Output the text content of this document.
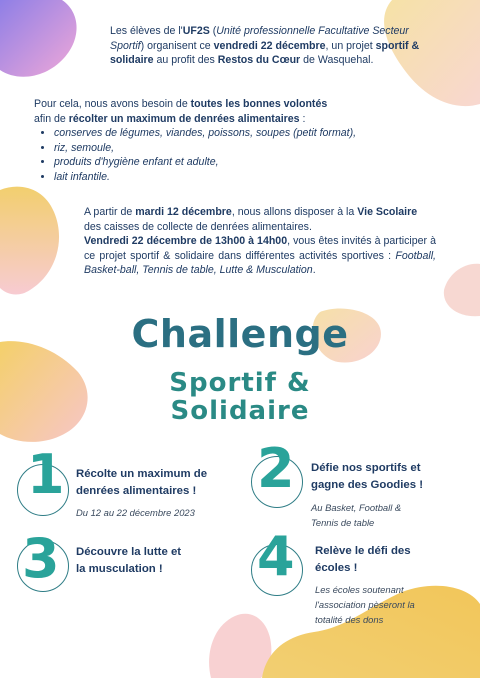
Les élèves de l'UF2S (Unité professionnelle Facultative Secteur Sportif) organisent ce vendredi 22 décembre, un projet sportif & solidaire au profit des Restos du Cœur de Wasquehal.
Pour cela, nous avons besoin de toutes les bonnes volontés
afin de récolter un maximum de denrées alimentaires :
• conserves de légumes, viandes, poissons, soupes (petit format),
• riz, semoule,
• produits d'hygiène enfant et adulte,
• lait infantile.

A partir de mardi 12 décembre, nous allons disposer à la Vie Scolaire des caisses de collecte de denrées alimentaires.

Vendredi 22 décembre de 13h00 à 14h00, vous êtes invités à participer à ce projet sportif & solidaire dans différentes activités sportives : Football, Basket-ball, Tennis de table, Lutte & Musculation.

Challenge
Sportif &
Solidaire
1 Récolte un maximum de
denrées alimentaires !
Du 12 au 22 décembre 2023
2 Défie nos sportifs et
gagne des Goodies !
Au Basket, Football &
Tennis de table
3 Découvre la lutte et
la musculation !	4 Relève le défi des
écoles !
Les écoles soutenant
l'association pèseront la
totalité des dons
